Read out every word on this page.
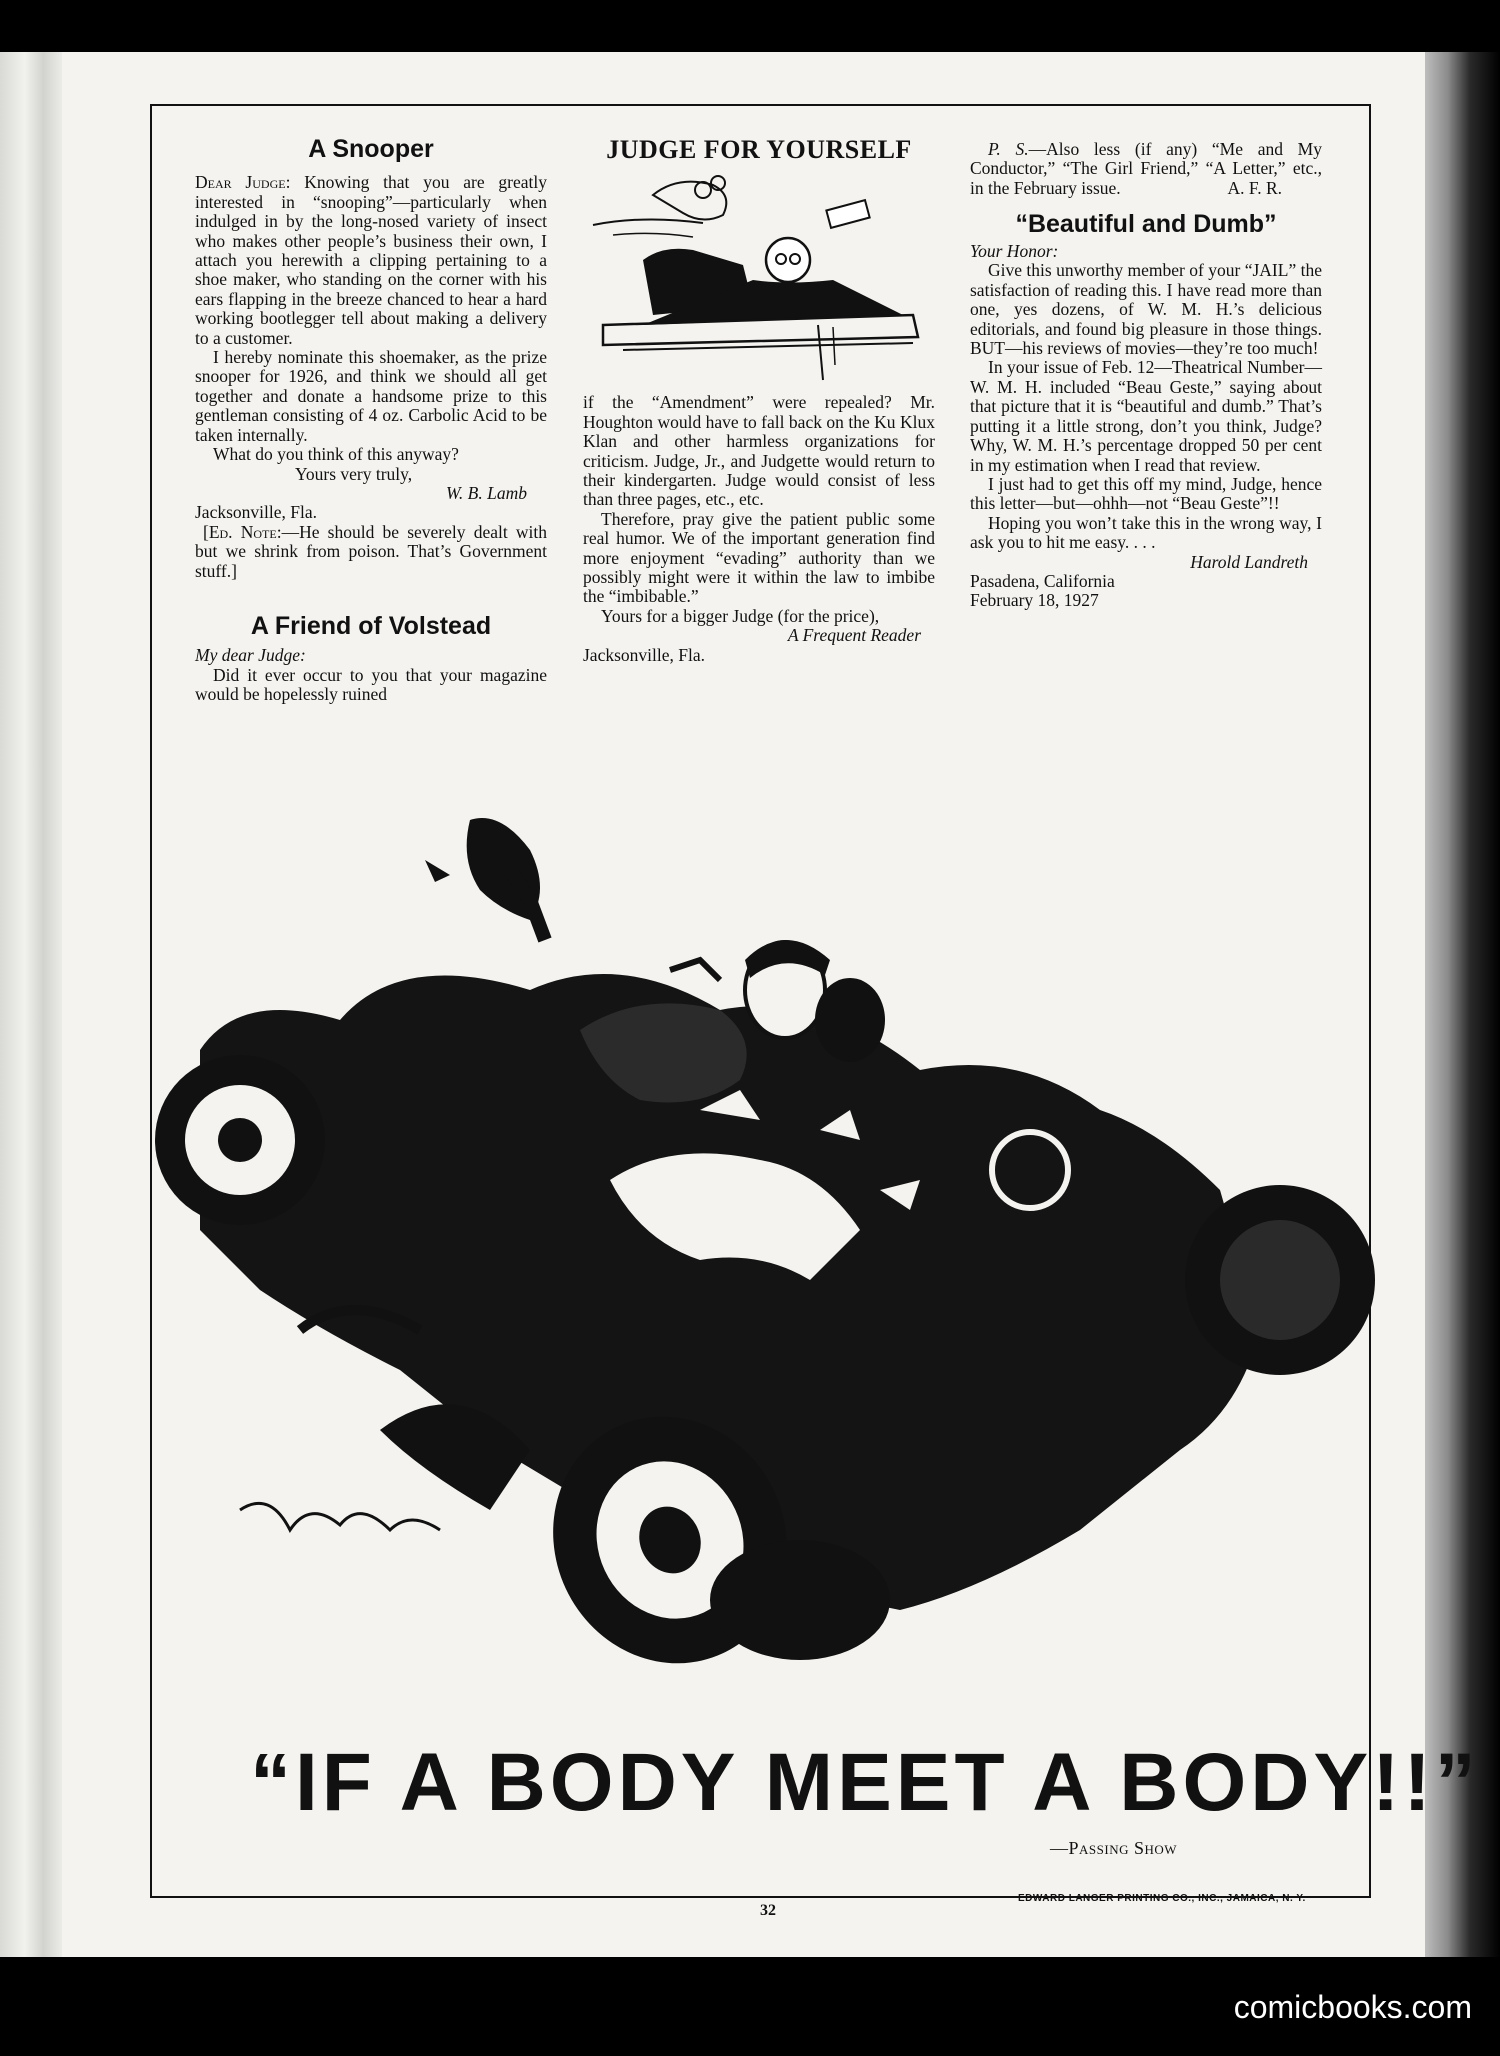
A Snooper

Dear Judge: Knowing that you are greatly interested in “snooping”—particularly when indulged in by the long-nosed variety of insect who makes other people’s business their own, I attach you herewith a clipping pertaining to a shoe maker, who standing on the corner with his ears flapping in the breeze chanced to hear a hard working bootlegger tell about making a delivery to a customer.

I hereby nominate this shoemaker, as the prize snooper for 1926, and think we should all get together and donate a handsome prize to this gentleman consisting of 4 oz. Carbolic Acid to be taken internally.

What do you think of this anyway?

Yours very truly,
W. B. Lamb
Jacksonville, Fla.

[Ed. Note:—He should be severely dealt with but we shrink from poison. That’s Government stuff.]

A Friend of Volstead
My dear Judge:

Did it ever occur to you that your magazine would be hopelessly ruined

JUDGE FOR YOURSELF

if the “Amendment” were repealed? Mr. Houghton would have to fall back on the Ku Klux Klan and other harmless organizations for criticism. Judge, Jr., and Judgette would return to their kindergarten. Judge would consist of less than three pages, etc., etc.

Therefore, pray give the patient public some real humor. We of the important generation find more enjoyment “evading” authority than we possibly might were it within the law to imbibe the “imbibable.”

Yours for a bigger Judge (for the price),

A Frequent Reader
Jacksonville, Fla.

P. S.—Also less (if any) “Me and My Conductor,” “The Girl Friend,” “A Letter,” etc., in the February issue.	A. F. R.
“Beautiful and Dumb”
Your Honor:

Give this unworthy member of your “JAIL” the satisfaction of reading this. I have read more than one, yes dozens, of W. M. H.’s delicious editorials, and found big pleasure in those things. BUT—his reviews of movies—they’re too much!

In your issue of Feb. 12—Theatrical Number—W. M. H. included “Beau Geste,” saying about that picture that it is “beautiful and dumb.” That’s putting it a little strong, don’t you think, Judge? Why, W. M. H.’s percentage dropped 50 per cent in my estimation when I read that review.

I just had to get this off my mind, Judge, hence this letter—but—ohhh—not “Beau Geste”!!

Hoping you won’t take this in the wrong way, I ask you to hit me easy. . . .

Harold Landreth
Pasadena, California
February 18, 1927
“IF A BODY MEET A BODY!!”
—Passing Show
EDWARD LANGER PRINTING CO., INC., JAMAICA, N. Y.
32
comicbooks.com
